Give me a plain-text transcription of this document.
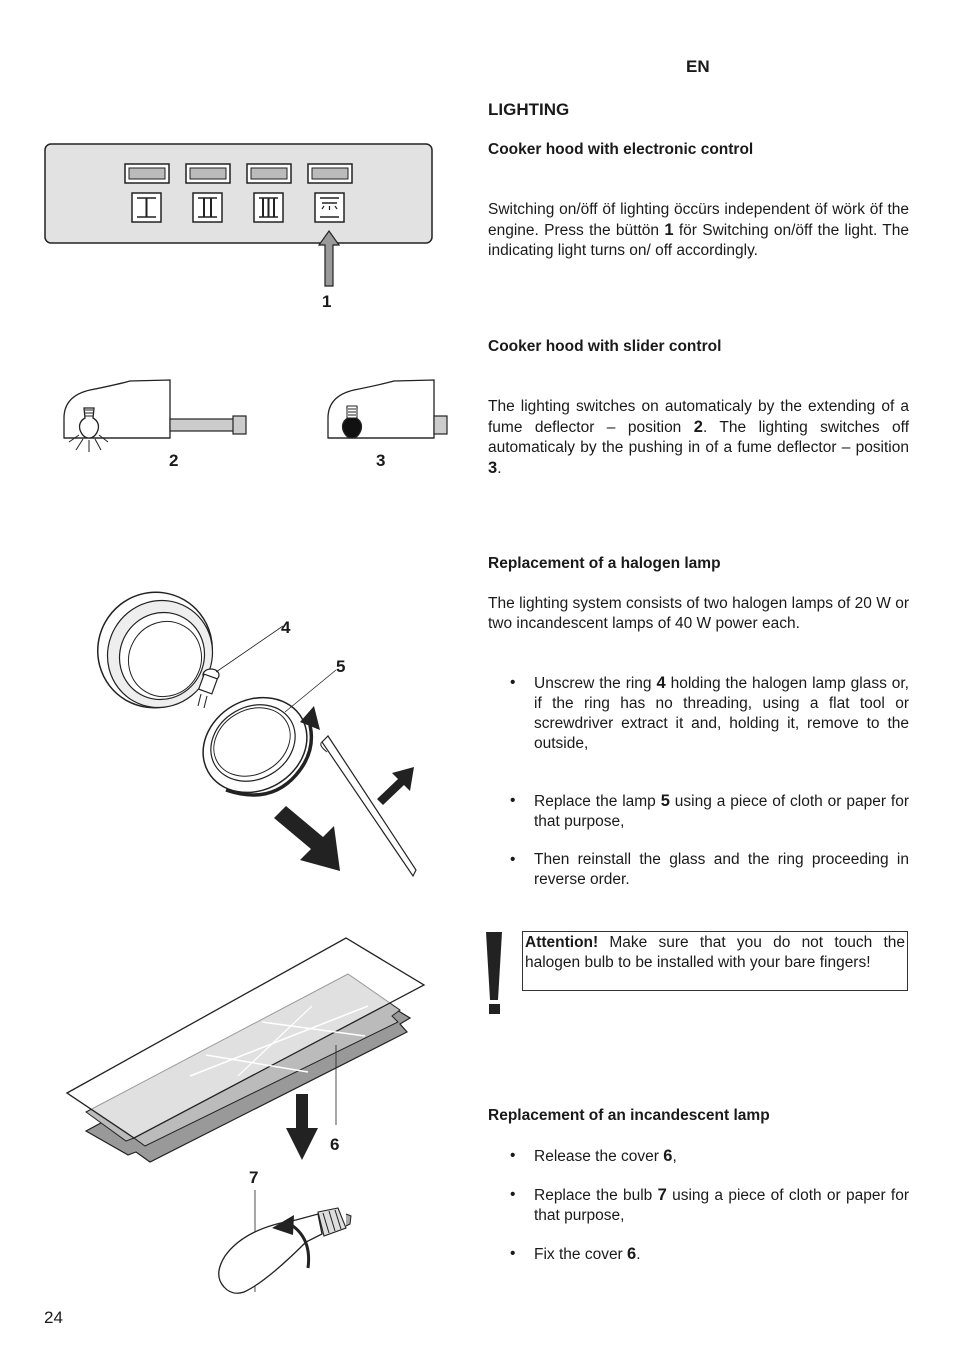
1
2	3
4
5
6
7
EN
LIGHTING
Cooker hood with electronic control
Switching on/öff öf lighting öccürs independent öf wörk öf the engine. Press the büttön 1 för Switching on/öff the light. The indicating light turns on/ off accordingly.
Cooker hood with slider control
The lighting switches on automaticaly by the extending of a fume deflector – position 2. The lighting switches off automaticaly by the pushing in of a fume deflector – position 3.
Replacement of a halogen lamp
The lighting system consists of two halogen lamps of 20 W or two incandescent lamps of 40 W power each.
• Unscrew the ring 4 holding the halogen lamp glass or, if the ring has no threading, using a flat tool or screwdriver extract it and, holding it, remove to the outside,
• Replace the lamp 5 using a piece of cloth or paper for that purpose,
• Then reinstall the glass and the ring proceeding in reverse order.
Attention! Make sure that you do not touch the halogen bulb to be installed with your bare fingers!
Replacement of an incandescent lamp
• Release the cover 6,
• Replace the bulb 7 using a piece of cloth or paper for that purpose,
• Fix the cover 6.
24
